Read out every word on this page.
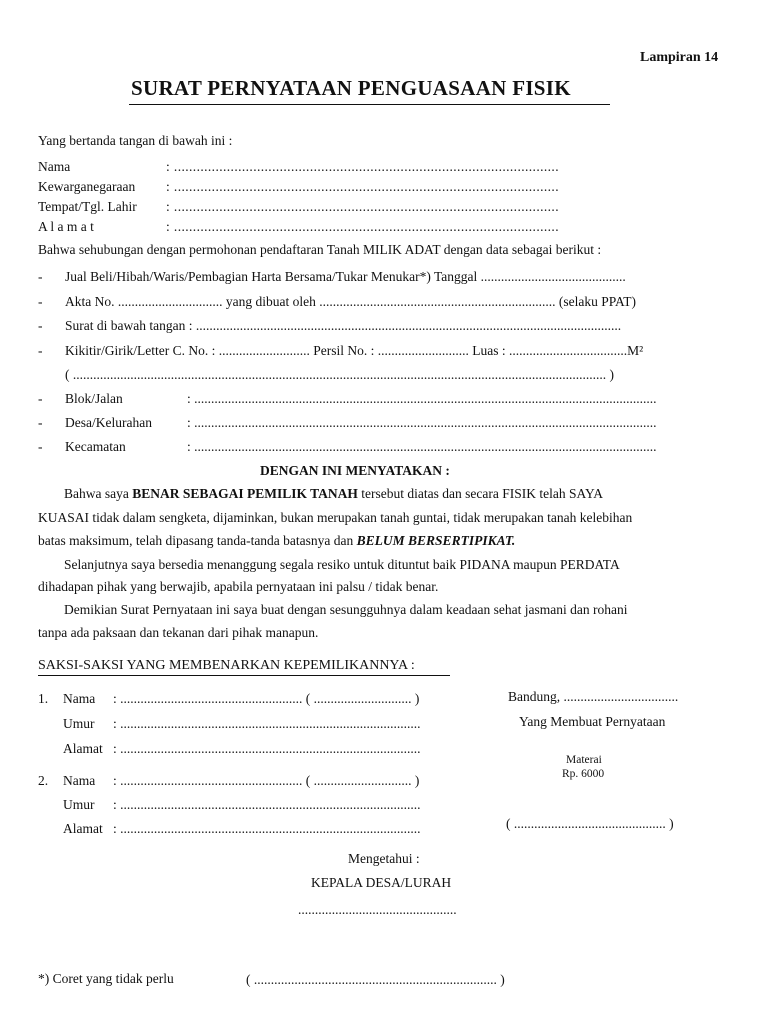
Lampiran 14
SURAT PERNYATAAN PENGUASAAN FISIK
Yang bertanda tangan di bawah ini :
Nama	: ......................................................................................................
Kewarganegaraan : ......................................................................................................
Tempat/Tgl. Lahir : ......................................................................................................
A l a m a t	: ......................................................................................................
Bahwa sehubungan dengan permohonan pendaftaran Tanah MILIK ADAT dengan data sebagai berikut :
- Jual Beli/Hibah/Waris/Pembagian Harta Bersama/Tukar Menukar*) Tanggal ...........................................
- Akta No. ............................... yang dibuat oleh ...................................................................... (selaku PPAT)
- Surat di bawah tangan : ..............................................................................................................................
- Kikitir/Girik/Letter C. No. : ........................... Persil No. : ........................... Luas : ...................................M²
( .............................................................................................................................................................. )
- Blok/Jalan	: .........................................................................................................................................
- Desa/Kelurahan	: .........................................................................................................................................
- Kecamatan	: .........................................................................................................................................
DENGAN INI MENYATAKAN :
Bahwa saya BENAR SEBAGAI PEMILIK TANAH tersebut diatas dan secara FISIK telah SAYA
KUASAI tidak dalam sengketa, dijaminkan, bukan merupakan tanah guntai, tidak merupakan tanah kelebihan
batas maksimum, telah dipasang tanda-tanda batasnya dan BELUM BERSERTIPIKAT.
Selanjutnya saya bersedia menanggung segala resiko untuk dituntut baik PIDANA maupun PERDATA
dihadapan pihak yang berwajib, apabila pernyataan ini palsu / tidak benar.
Demikian Surat Pernyataan ini saya buat dengan sesungguhnya dalam keadaan sehat jasmani dan rohani
tanpa ada paksaan dan tekanan dari pihak manapun.
SAKSI-SAKSI YANG MEMBENARKAN KEPEMILIKANNYA :
1. Nama : ...................................................... ( ............................. )
Umur : .........................................................................................
Alamat : .........................................................................................
2. Nama : ...................................................... ( ............................. )
Umur : .........................................................................................
Alamat : .........................................................................................
Bandung, ..................................
Yang Membuat Pernyataan
Materai
Rp. 6000
( ............................................. )
Mengetahui :
KEPALA DESA/LURAH
...............................................
*) Coret yang tidak perlu	( ........................................................................ )
